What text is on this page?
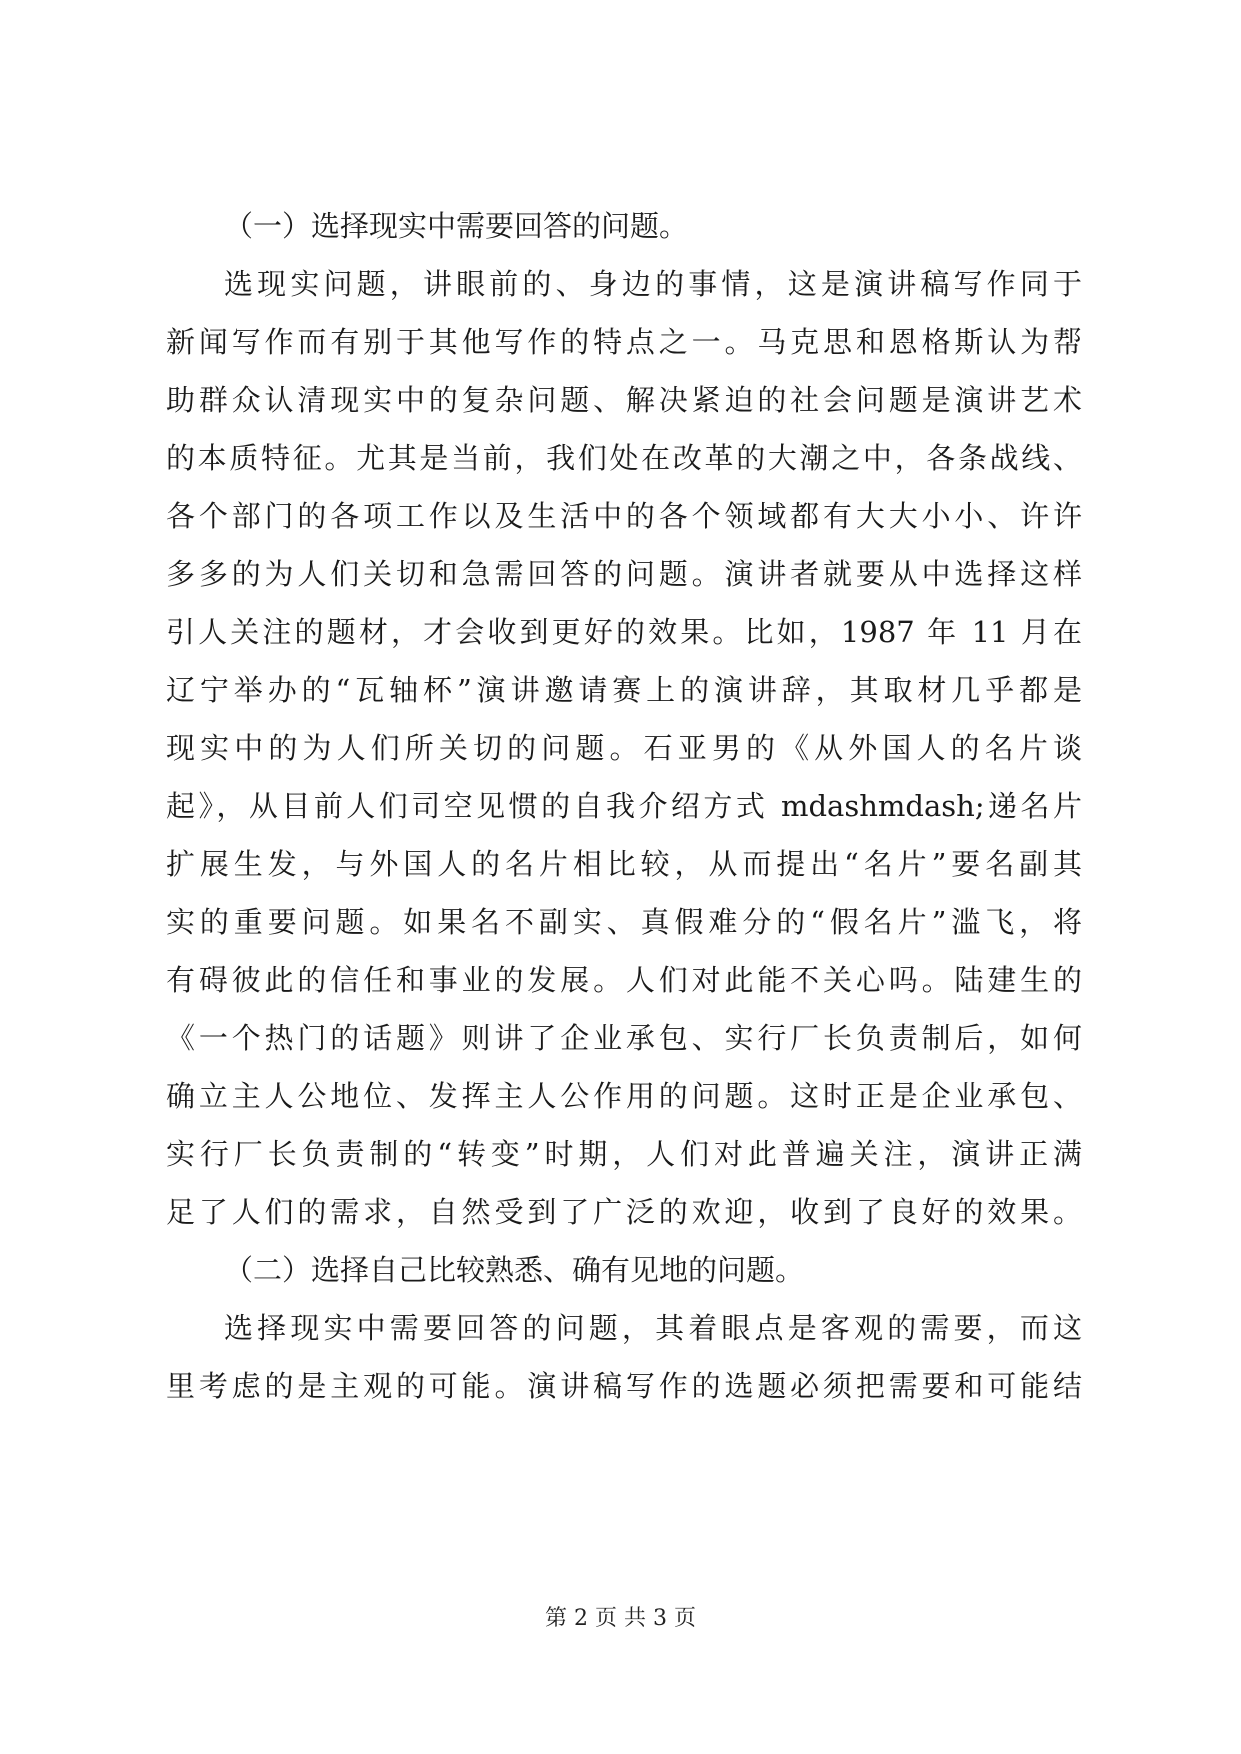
（一）选择现实中需要回答的问题。
选现实问题，讲眼前的、身边的事情，这是演讲稿写作同于
新闻写作而有别于其他写作的特点之一。马克思和恩格斯认为帮
助群众认清现实中的复杂问题、解决紧迫的社会问题是演讲艺术
的本质特征。尤其是当前，我们处在改革的大潮之中，各条战线、
各个部门的各项工作以及生活中的各个领域都有大大小小、许许
多多的为人们关切和急需回答的问题。演讲者就要从中选择这样
引人关注的题材，才会收到更好的效果。比如，1987 年 11 月在
辽宁举办的“瓦轴杯”演讲邀请赛上的演讲辞，其取材几乎都是
现实中的为人们所关切的问题。石亚男的《从外国人的名片谈
起》，从目前人们司空见惯的自我介绍方式 mdashmdash;递名片
扩展生发，与外国人的名片相比较，从而提出“名片”要名副其
实的重要问题。如果名不副实、真假难分的“假名片”滥飞，将
有碍彼此的信任和事业的发展。人们对此能不关心吗。陆建生的
《一个热门的话题》则讲了企业承包、实行厂长负责制后，如何
确立主人公地位、发挥主人公作用的问题。这时正是企业承包、
实行厂长负责制的“转变”时期，人们对此普遍关注，演讲正满
足了人们的需求，自然受到了广泛的欢迎，收到了良好的效果。
（二）选择自己比较熟悉、确有见地的问题。
选择现实中需要回答的问题，其着眼点是客观的需要，而这
里考虑的是主观的可能。演讲稿写作的选题必须把需要和可能结
第 2 页 共 3 页
